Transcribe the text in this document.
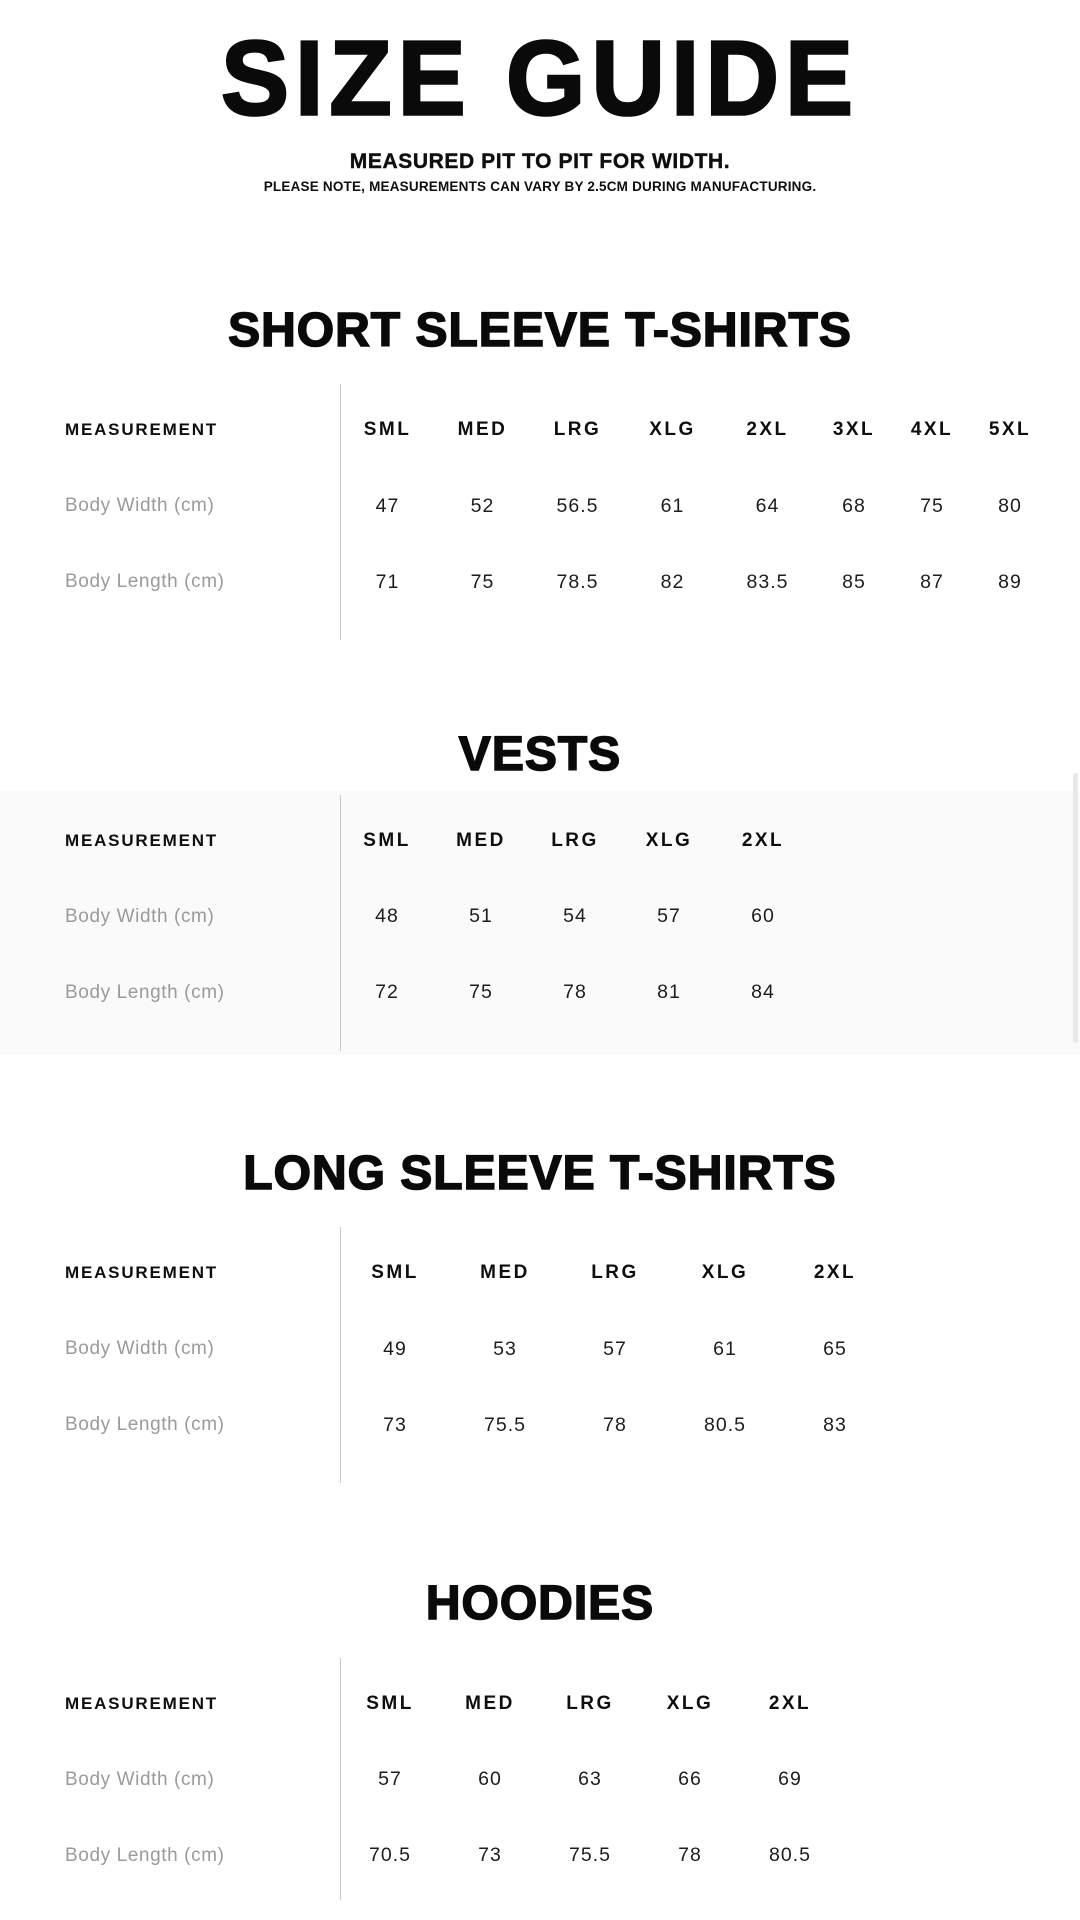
SIZE GUIDE
MEASURED PIT TO PIT FOR WIDTH.
PLEASE NOTE, MEASUREMENTS CAN VARY BY 2.5CM DURING MANUFACTURING.
SHORT SLEEVE T-SHIRTS
MEASUREMENT	SML	MED	LRG	XLG	2XL	3XL	4XL	5XL
Body Width (cm)	47	52	56.5	61	64	68	75	80
Body Length (cm)	71	75	78.5	82	83.5	85	87	89
VESTS
MEASUREMENT	SML	MED	LRG	XLG	2XL
Body Width (cm)	48	51	54	57	60
Body Length (cm)	72	75	78	81	84
LONG SLEEVE T-SHIRTS
MEASUREMENT	SML	MED	LRG	XLG	2XL
Body Width (cm)	49	53	57	61	65
Body Length (cm)	73	75.5	78	80.5	83
HOODIES
MEASUREMENT	SML	MED	LRG	XLG	2XL
Body Width (cm)	57	60	63	66	69
Body Length (cm)	70.5	73	75.5	78	80.5
